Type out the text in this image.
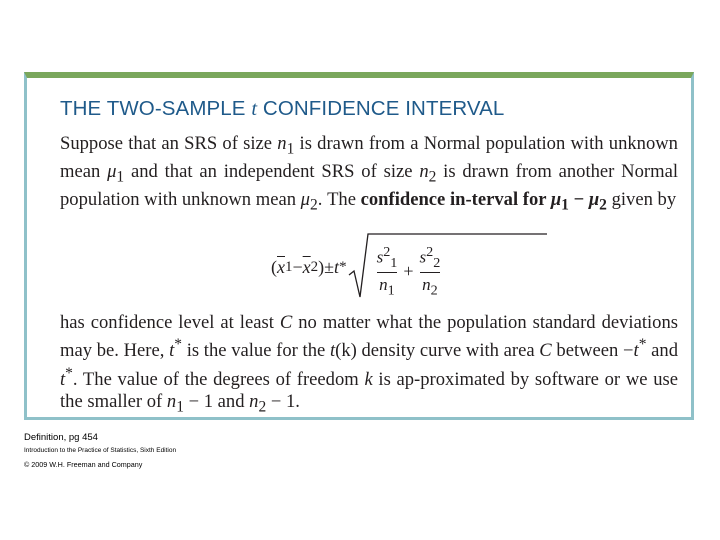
THE TWO-SAMPLE t CONFIDENCE INTERVAL

Suppose that an SRS of size $n_1$ is drawn from a Normal population with unknown mean $\mu_1$ and that an independent SRS of size $n_2$ is drawn from another Normal population with unknown mean $\mu_2$. The confidence in-terval for $\mu_1 - \mu_2$ given by

( $\overline{x}$ $1 - \overline{x}$ 2 ) ± $t * \frac{s^2_1}{n_1} + \frac{s^2_2}{n_2}$

has confidence level at least C no matter what the population standard deviations may be. Here, t* is the value for the t(k) density curve with area C between −t* and t*. The value of the degrees of freedom k is ap-proximated by software or we use the smaller of $n_1 - 1$ and $n_2 - 1$.

Definition, pg 454
Introduction to the Practice of Statistics, Sixth Edition
© 2009 W.H. Freeman and Company
